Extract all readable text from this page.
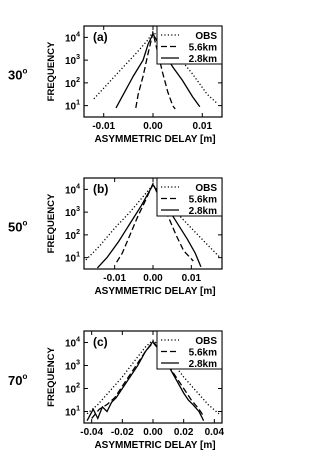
-0.01	0.00	0.01
$10^1$
$10^2$
$10^3$
$10^4$
FREQUENCY
ASYMMETRIC DELAY [m]
(a)
30$^o$
OBS
5.6km
2.8km
-0.01 0.00 0.01
$10^1$
$10^2$
$10^3$
$10^4$
FREQUENCY
ASYMMETRIC DELAY [m]
(b)
50$^o$
OBS
5.6km
2.8km
-0.04 -0.02 0.00 0.02 0.04
$10^1$
$10^2$
$10^3$
$10^4$
FREQUENCY
ASYMMETRIC DELAY [m]
(c)
70$^o$
OBS
5.6km
2.8km
